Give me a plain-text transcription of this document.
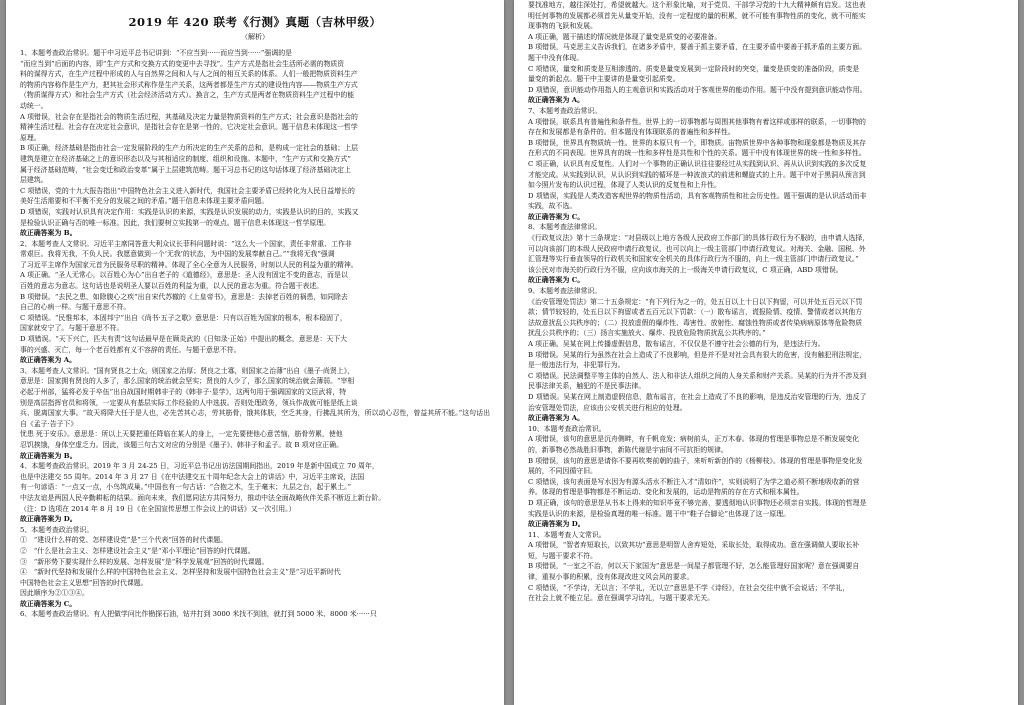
2019 年 420 联考《行测》真题（吉林甲级）
（解析）

1、本题考查政治常识。题干中习近平总书记讲到：“不应当到······而应当到······”强调的是

“而应当到”后面的内容，即“生产方式和交换方式的变更中去寻找”。生产方式是指社会生活所必需的物质资

料的谋得方式，在生产过程中形成的人与自然界之间和人与人之间的相互关系的体系。人们一般把物质资料生产

的物质内容称作是生产力，把其社会形式称作是生产关系，这两者都是生产方式的建设性内容——物质生产方式

（物质谋得方式）和社会生产方式（社会经济活动方式）。换言之，生产方式是两者在物质资料生产过程中的能

动统一。

A 项错误，社会存在是指社会的物质生活过程，其基础及决定力量是物质资料的生产方式；社会意识是指社会的

精神生活过程。社会存在决定社会意识，是指社会存在是第一性的，它决定社会意识。题干信息未体现这一哲学

原理。

B 项正确，经济基础是指由社会一定发展阶段的生产力所决定的生产关系的总和，是构成一定社会的基础；上层

建筑是建立在经济基础之上的意识形态以及与其相适应的制度、组织和设施。本题中，“生产方式和交换方式”

属于经济基础范畴，“社会变迁和政治变革”属于上层建筑范畴。题干习总书记的这句话体现了经济基础决定上

层建筑。

C 项错误，党的十九大报告指出“中国特色社会主义进入新时代，我国社会主要矛盾已经转化为人民日益增长的

美好生活需要和不平衡不充分的发展之间的矛盾。”题干信息未体现主要矛盾问题。

D 项错误，实践对认识具有决定作用：实践是认识的来源，实践是认识发展的动力，实践是认识的目的，实践又

是检验认识正确与否的唯一标准。因此，我们要树立实践第一的观点。题干信息未体现这一哲学原理。

故正确答案为 B。

2、本题考查人文常识。习近平主席同答意大利众议长菲科问题时说：“这么大一个国家，责任非常重、工作非

常艰巨。我将无我，不负人民。我愿意做到一个‘无我’的状态，为中国的发展奉献自己。”“我将无我”强调

了习近平主席作为国家元首为民服务尽职的精神。体现了全心全意为人民服务，时刻以人民的利益为重的精神。

A 项正确。“圣人无常心，以百姓心为心”出自老子的《道德经》，意思是：圣人没有固定不变的意志，而是以

百姓的意志为意志。这句话也是说明圣人要以百姓的利益为重，以人民的意志为重。符合题干表述。

B 项错误。“去民之患，如除腹心之疾”出自宋代苏辙的《上皇帝书》，意思是：去掉老百姓的祸患，如同除去

自己的心病一样。与题干意思不符。

C 项错误。“民惟邦本，本固邦宁”出自《尚书·五子之歌》意思是：只有以百姓为国家的根本，根本稳固了，

国家就安宁了。与题干意思不符。

D 项错误。“天下兴亡，匹夫有责”这句话最早是在顾炎武的《日知录·正始》中提出的概念，意思是：天下大

事的兴盛、灭亡，每一个老百姓都有义不容辞的责任。与题干意思不符。

故正确答案为 A。

3、本题考查人文常识。“国有贤良之士众，则国家之治厚；贤良之士寡，则国家之治薄”出自《墨子·尚贤上》，

意思是：国家拥有贤良的人多了，那么国家的统治就会坚实；贤良的人少了，那么国家的统治就会薄弱。“宰相

必起于州部，猛将必发于卒伍”出自战国时期韩非子的《韩非子·显学》，这两句用于强调国家的文臣武将，特

别是高层指挥官员和将领，一定要从有基层实际工作经验的人中选拔。否则处理政务，领兵作战就可能是纸上谈

兵、脱离国家大事。“故天将降大任于是人也，必先苦其心志，劳其筋骨，饿其体肤，空乏其身，行拂乱其所为，所以动心忍性，曾益其所不能。”这句话出自《孟子·告子下》

忧患 死于安乐》。意思是：所以上天要把重任降临在某人的身上，一定先要使他心意苦恼，筋骨劳累，使他

忍饥挨饿，身体空虚乏力。因此，该题三句古文对应的分别是《墨子》、韩非子和孟子。故 B 项对应正确。

故正确答案为 B。

4、本题考查政治常识。2019 年 3 月 24-25 日，习近平总书记出访法国期间指出，2019 年是新中国成立 70 周年，

也是中法建交 55 周年。2014 年 3 月 27 日《在中法建交五十周年纪念大会上的讲话》中，习近平主席说，法国

有一句谚语：“一点又一点，小鸟筑成巢。”中国也有一句古话：“合抱之木，生于毫末；九层之台，起于累土。”

中法友谊是两国人民辛勤耕耘的结果。面向未来，我们愿同法方共同努力，推动中法全面战略伙伴关系不断迈上新台阶。

（注：D 选项在 2014 年 8 月 19 日《在全国宣传思想工作会议上的讲话》又一次引用。）

故正确答案为 D。

5、本题考查政治常识。

①　“建设什么样的党、怎样建设党”是“三个代表”回答的时代课题。

②　“什么是社会主义、怎样建设社会主义”是“邓小平理论”回答的时代课题。

③　“新形势下要实现什么样的发展、怎样发展”是“科学发展观”回答的时代课题。

④　“新时代坚持和发展什么样的中国特色社会主义、怎样坚持和发展中国特色社会主义”是“习近平新时代

中国特色社会主义思想”回答的时代课题。

因此顺序为②①③④。

故正确答案为 C。

6、本题考查政治常识。有人把做学问比作勘探石油，钻井打到 3000 米找不到油，就打到 5000 米、8000 米······只

要找准地方，越往深处打，希望就越大。这个形象比喻，对于党员、干部学习党的十九大精神颇有启发。这也表

明任何事物的发展都必须首先从量变开始，没有一定程度的量的积累，就不可能有事物性质的变化，就不可能实

现事物的飞跃和发展。

A 项正确，题干描述的情况就是体现了量变是质变的必要准备。

B 项错误，马克思主义告诉我们，在诸多矛盾中，要善于抓主要矛盾，在主要矛盾中要善于抓矛盾的主要方面。

题干中没有体现。

C 项错误，量变和质变是互相渗透的。质变是量变发展到一定阶段时的突变，量变是质变的准备阶段，质变是

量变的新起点。题干中主要讲的是量变引起质变。

D 项错误，意识能动作用指人的主观意识和实践活动对于客观世界的能动作用。题干中没有提到意识能动作用。

故正确答案为 A。

7、本题考查政治常识。

A 项错误，联系具有普遍性和条件性。世界上的一切事物都与周围其他事物有着这样或那样的联系，一切事物的

存在和发展都是有条件的。但本题没有体现联系的普遍性和多样性。

B 项错误，世界具有物质统一性。世界的本原只有一个，即物质。宙物质世界中各种事物和现象都是物质及其存

在形式的不同表现。世界具有的统一性和多样性是共性和个性的关系。题干中没有体现世界的统一性和多样性。

C 项正确，认识具有反复性。人们对一个事物的正确认识往往要经过从实践到认识、再从认识到实践的多次反复

才能完成。从实践到认识，从认识到实践的循环是一种波浪式的前进和螺旋式的上升。题干中对于黑洞从预言到

如今照片发布的认识过程，体现了人类认识的反复性和上升性。

D 项错误，实践是人类改造客观世界的物质性活动，具有客观物质性和社会历史性。题干强调的是认识活动而非

实践，故不选。

故正确答案为 C。

8、本题考查法律常识。

《行政复议法》第十三条规定：“对县级以上地方各级人民政府工作部门的具体行政行为不服的，由申请人选择，

可以向该部门的本级人民政府申请行政复议，也可以向上一级主管部门申请行政复议。对海关、金融、国税、外

汇管理等实行垂直领导的行政机关和国家安全机关的具体行政行为不服的，向上一级主管部门申请行政复议。”

该公民对市海关的行政行为不服，应向该市海关的上一级海关申请行政复议，C 项正确，ABD 项错误。

故正确答案为 C。

9、本题考查法律常识。

《治安管理处罚法》第二十五条规定：“有下列行为之一的，处五日以上十日以下拘留，可以并处五百元以下罚

款；情节较轻的，处五日以下拘留或者五百元以下罚款：（一）散布谣言，谎报险情、疫情、警情或者以其他方

法故意扰乱公共秩序的；（二）投放虚假的爆炸性、毒害性、放射性、腐蚀性物质或者传染病病原体等危险物质

扰乱公共秩序的；（三）扬言实施放火、爆炸、投放危险物质扰乱公共秩序的。”

A 项正确。吴某在网上传播虚假信息，散布谣言，不仅仅是不遵守社会公德的行为，是违法行为。

B 项错误。吴某的行为虽然在社会上造成了不良影响，但是并不是对社会具有很大的危害，没有触犯刑法规定，

是一般违法行为，非犯罪行为。

C 项错误。民法调整平等主体的自然人、法人和非法人组织之间的人身关系和财产关系。吴某的行为并不涉及到

民事法律关系，触犯的不是民事法律。

D 项错误。吴某在网上制造虚假信息，散布谣言，在社会上造成了不良的影响，是违反治安管理的行为，违反了

治安管理处罚法，应该由公安机关进行相应的处理。

故正确答案为 A。

10、本题考查政治常识。

A 项错误，该句的意思是沉舟侧畔，有千帆竞发；病树前头，正万木春。体现的哲理是事物总是不断发展变化

的，新事物必然战胜旧事物，新陈代谢是宇宙间不可抗拒的规律。

B 项错误，该句的意思是请你不要再吹奏前朝的曲子，来听听新创作的《杨柳枝》。体现的哲理是事物是变化发

展的，不同因循守旧。

C 项错误，该句表面是写水因为有源头活水不断注入才“清如许”，实则说明了为学之道必须不断地吸收新的营

养。体现的哲理是事物都是不断运动、变化和发展的，运动是物质的存在方式和根本属性。

D 项正确，该句的意思是从书本上得来的知识毕竟不够完善，要透彻地认识事物还必须亲自实践。体现的哲理是

实践是认识的来源，是检验真理的唯一标准。题干中“鞋子合脚论”也体现了这一原理。

故正确答案为 D。

11、本题考查人文常识。

A 项错误，“智者弃短取长，以致其功”意思是明智人舍弃短处，采取长处，取得成功。意在强调做人要取长补

短，与题干要求不符。

B 项错误，“一室之不治，何以天下家国为”意思是一间屋子都管理不好，怎么能管理好国家呢？意在强调要自

律，重视小事的积累，没有体现改进文风会风的要求。

C 项错误，“不学诗，无以言；不学礼，无以立”意思是不学《诗经》，在社会交往中就不会说话；不学礼，

在社会上就不能立足。意在强调学习诗礼，与题干要求无关。
